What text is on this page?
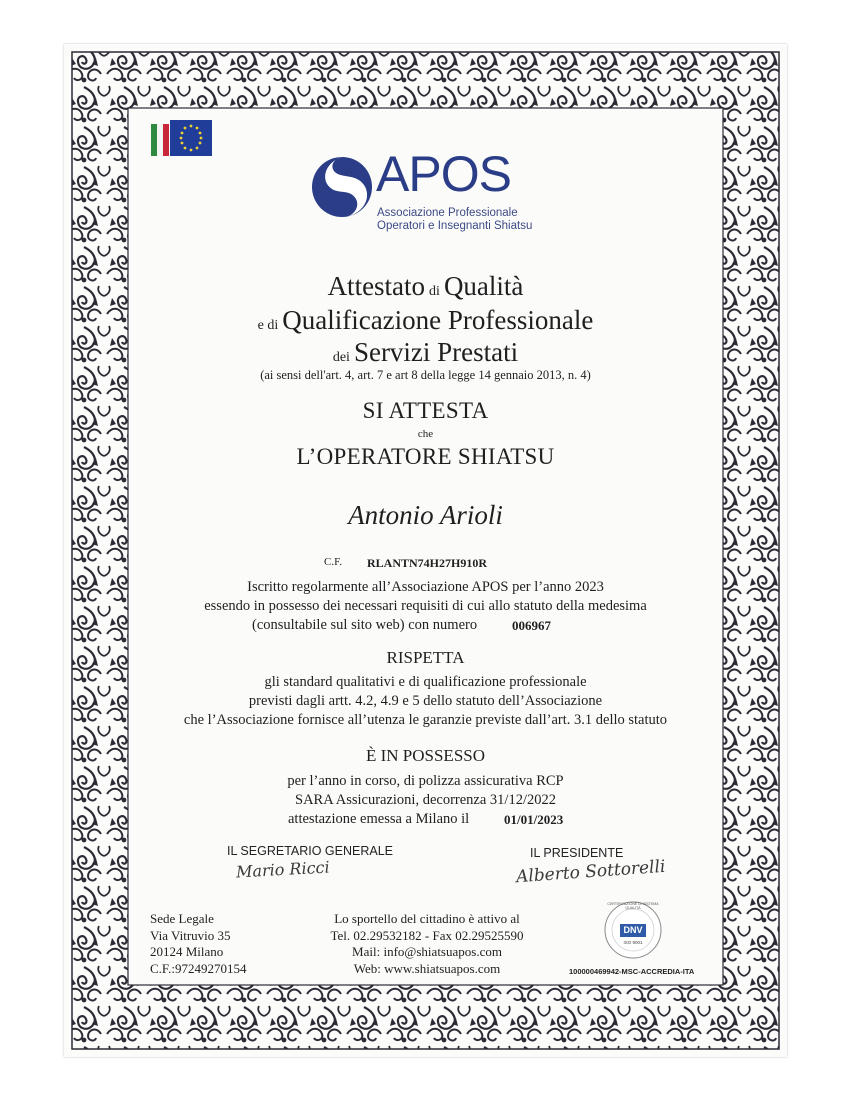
APOS
Associazione Professionale
Operatori e Insegnanti Shiatsu
Attestato di Qualità
e di Qualificazione Professionale
dei Servizi Prestati
(ai sensi dell'art. 4, art. 7 e art 8 della legge 14 gennaio 2013, n. 4)
SI ATTESTA
che
L’OPERATORE SHIATSU
Antonio Arioli
C.F. RLANTN74H27H910R
Iscritto regolarmente all’Associazione APOS per l’anno 2023
essendo in possesso dei necessari requisiti di cui allo statuto della medesima
(consultabile sul sito web) con numero	006967
RISPETTA
gli standard qualitativi e di qualificazione professionale
previsti dagli artt. 4.2, 4.9 e 5 dello statuto dell’Associazione
che l’Associazione fornisce all’utenza le garanzie previste dall’art. 3.1 dello statuto
È IN POSSESSO
per l’anno in corso, di polizza assicurativa RCP
SARA Assicurazioni, decorrenza 31/12/2022
attestazione emessa a Milano il	01/01/2023
IL SEGRETARIO GENERALE
Mario Ricci
IL PRESIDENTE
Alberto Sottorelli
Sede Legale
Via Vitruvio 35
20124 Milano
C.F.:97249270154
Lo sportello del cittadino è attivo al
Tel. 02.29532182 - Fax 02.29525590
Mail: info@shiatsuapos.com
Web: www.shiatsuapos.com
CERTIFICAZIONE DI SISTEMA QUALITÀ
DNV
ISO 9001
100000469942-MSC-ACCREDIA-ITA
